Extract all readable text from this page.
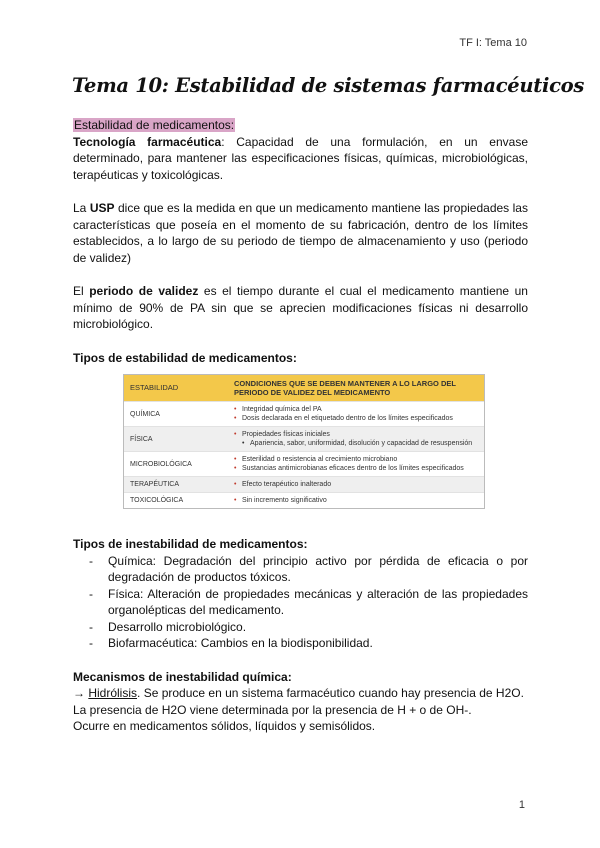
TF I: Tema 10
Tema 10: Estabilidad de sistemas farmacéuticos
Estabilidad de medicamentos:

Tecnología farmacéutica: Capacidad de una formulación, en un envase determinado, para mantener las especificaciones físicas, químicas, microbiológicas, terapéuticas y toxicológicas.

La USP dice que es la medida en que un medicamento mantiene las propiedades las características que poseía en el momento de su fabricación, dentro de los límites establecidos, a lo largo de su periodo de tiempo de almacenamiento y uso (periodo de validez)

El periodo de validez es el tiempo durante el cual el medicamento mantiene un mínimo de 90% de PA sin que se aprecien modificaciones físicas ni desarrollo microbiológico.

Tipos de estabilidad de medicamentos:
ESTABILIDAD	CONDICIONES QUE SE DEBEN MANTENER A LO LARGO DEL PERIODO DE VALIDEZ DEL MEDICAMENTO
QUÍMICA	• Integridad química del PA
• Dosis declarada en el etiquetado dentro de los límites especificados

FÍSICA	• Propiedades físicas iniciales
• Apariencia, sabor, uniformidad, disolución y capacidad de resuspensión

MICROBIOLÓGICA	• Esterilidad o resistencia al crecimiento microbiano
• Sustancias antimicrobianas eficaces dentro de los límites especificados

TERAPÉUTICA	• Efecto terapéutico inalterado

TOXICOLÓGICA	• Sin incremento significativo
Tipos de inestabilidad de medicamentos:
- Química: Degradación del principio activo por pérdida de eficacia o por degradación de productos tóxicos.
- Física: Alteración de propiedades mecánicas y alteración de las propiedades organolépticas del medicamento.
- Desarrollo microbiológico.
- Biofarmacéutica: Cambios en la biodisponibilidad.
Mecanismos de inestabilidad química:

→ Hidrólisis. Se produce en un sistema farmacéutico cuando hay presencia de H2O.

La presencia de H2O viene determinada por la presencia de H + o de OH-.

Ocurre en medicamentos sólidos, líquidos y semisólidos.

1
